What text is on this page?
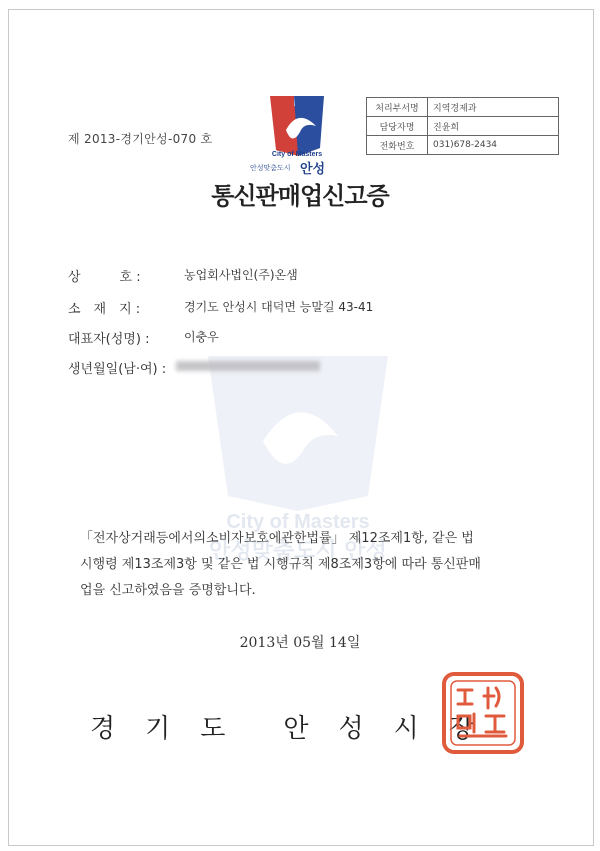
City of Masters
안성맞춤도시 안성
제 2013-경기안성-070 호
City of Masters
안성맞춤도시 안성
처리부서명	지역경제과
담당자명	진윤희
전화번호	031)678-2434
통신판매업신고증
상　　　호 :	농업회사법인(주)온샘
소　재　지 :	경기도 안성시 대덕면 능말길 43-41
대표자(성명) :	이충우
생년월일(남·여) :
「전자상거래등에서의소비자보호에관한법률」 제12조제1항, 같은 법
시행령 제13조제3항 및 같은 법 시행규칙 제8조제3항에 따라 통신판매
업을 신고하였음을 증명합니다.
2013년 05월 14일
경　기　도　　안　성　시　장
